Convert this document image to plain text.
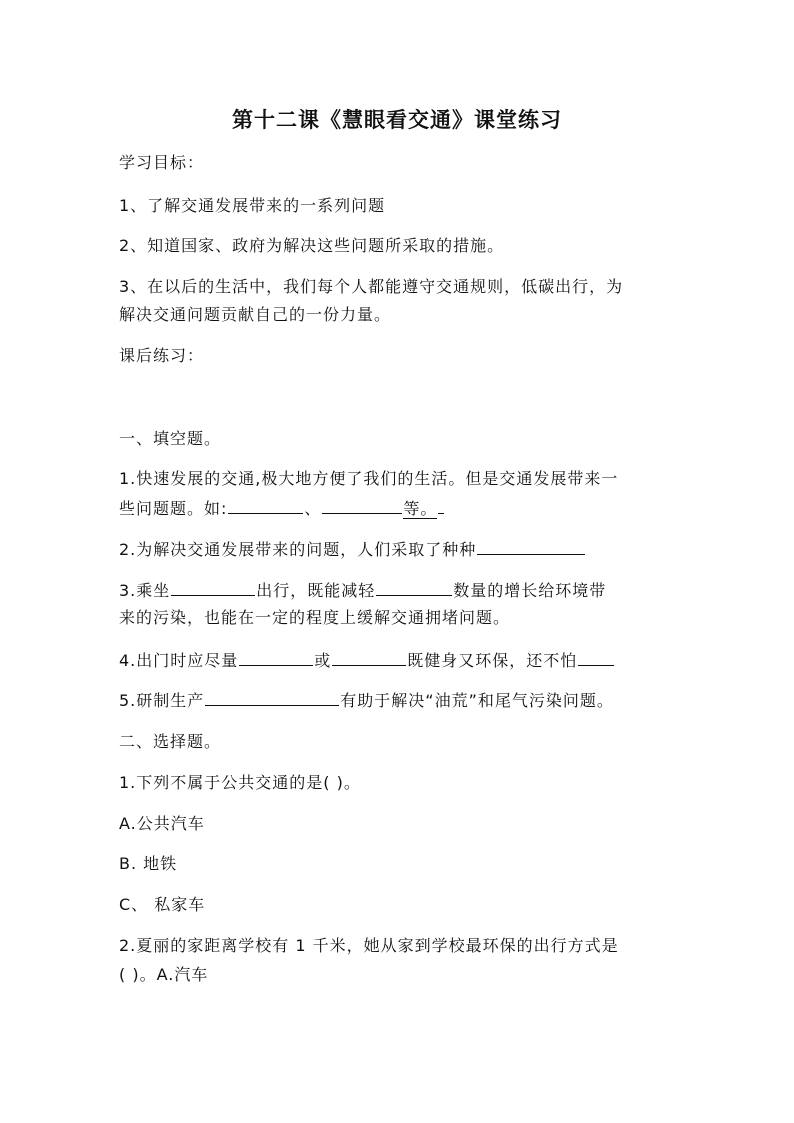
第十二课《慧眼看交通》课堂练习
学习目标：
1、了解交通发展带来的一系列问题
2、知道国家、政府为解决这些问题所采取的措施。
3、在以后的生活中，我们每个人都能遵守交通规则，低碳出行，为
解决交通问题贡献自己的一份力量。
课后练习：
一、填空题。
1.快速发展的交通,极大地方便了我们的生活。但是交通发展带来一
些问题题。如:	、	等。
2.为解决交通发展带来的问题，人们采取了种种
3.乘坐	出行，既能减轻	数量的增长给环境带
来的污染，也能在一定的程度上缓解交通拥堵问题。
4.出门时应尽量	或	既健身又环保，还不怕
5.研制生产	有助于解决“油荒”和尾气污染问题。
二、选择题。
1.下列不属于公共交通的是( )。
A.公共汽车
B. 地铁
C、 私家车
2.夏丽的家距离学校有 1 千米，她从家到学校最环保的出行方式是
( )。A.汽车
